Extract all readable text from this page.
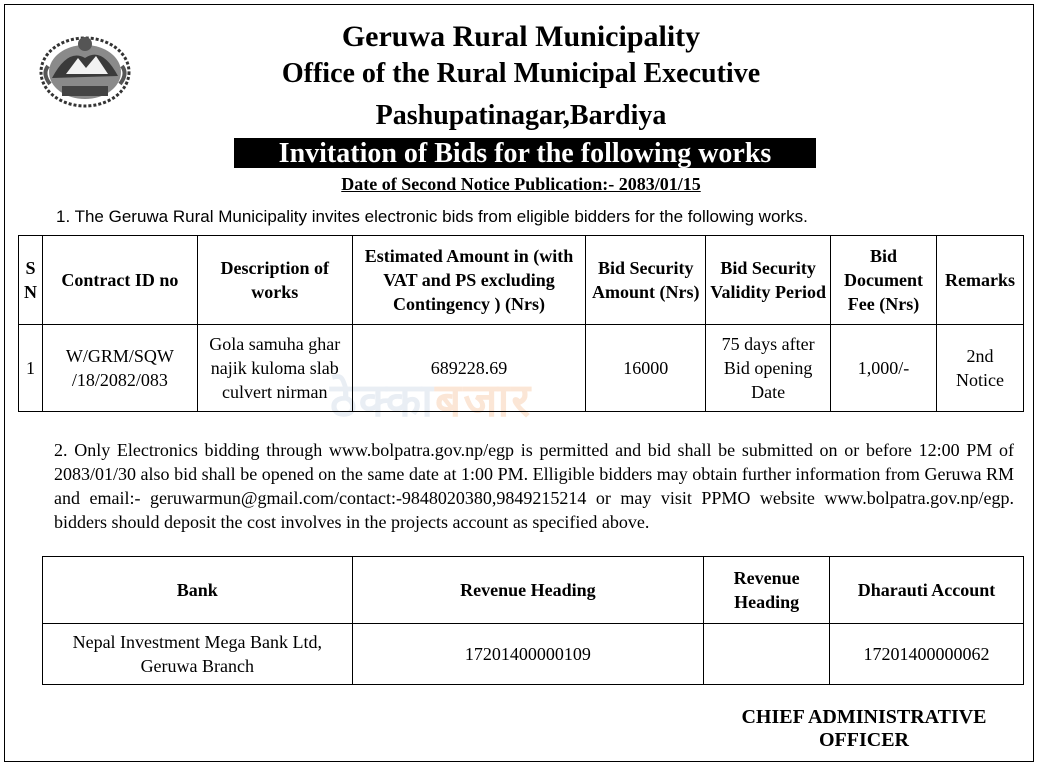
Geruwa Rural Municipality
Office of the Rural Municipal Executive
Pashupatinagar,Bardiya
Invitation of Bids for the following works
Date of Second Notice Publication:- 2083/01/15
1. The Geruwa Rural Municipality invites electronic bids from eligible bidders for the following works.
ठेक्काबजार
S N	Contract ID no	Description of works	Estimated Amount in (with VAT and PS excluding Contingency ) (Nrs)	Bid Security Amount (Nrs)	Bid Security Validity Period	Bid Document Fee (Nrs)	Remarks
1	W/GRM/SQW /18/2082/083	Gola samuha ghar najik kuloma slab culvert nirman	689228.69	16000	75 days after Bid opening Date	1,000/-	2nd Notice
2. Only Electronics bidding through www.bolpatra.gov.np/egp is permitted and bid shall be submitted on or before 12:00 PM of 2083/01/30 also bid shall be opened on the same date at 1:00 PM. Elligible bidders may obtain further information from Geruwa RM and email:- geruwarmun@gmail.com/contact:-9848020380,9849215214 or may visit PPMO website www.bolpatra.gov.np/egp. bidders should deposit the cost involves in the projects account as specified above.
Bank	Revenue Heading	Revenue Heading	Dharauti Account
Nepal Investment Mega Bank Ltd, Geruwa Branch	17201400000109		17201400000062
CHIEF ADMINISTRATIVE
OFFICER
